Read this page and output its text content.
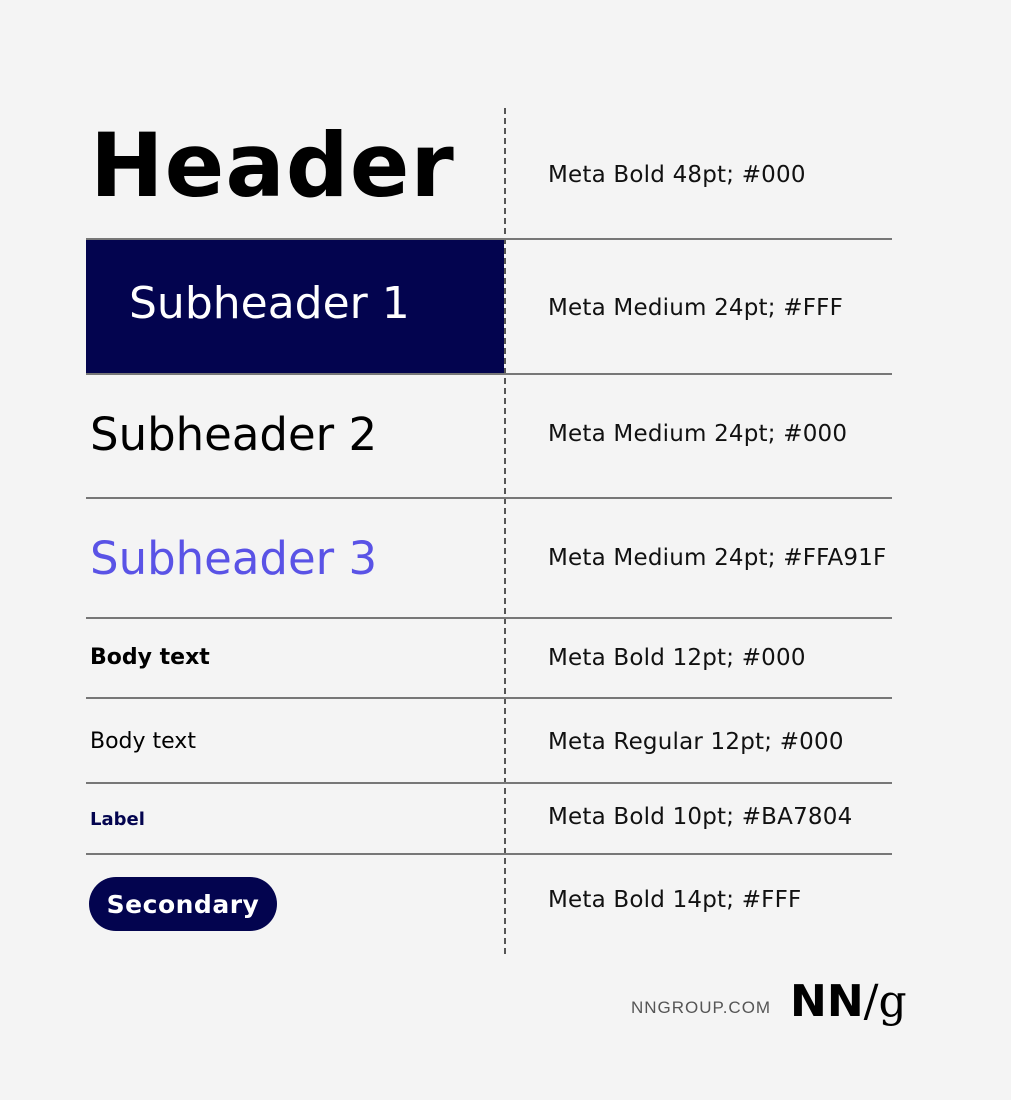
Header	Meta Bold 48pt; #000
Subheader 1	Meta Medium 24pt; #FFF
Subheader 2	Meta Medium 24pt; #000
Subheader 3	Meta Medium 24pt; #FFA91F
Body text	Meta Bold 12pt; #000
Body text	Meta Regular 12pt; #000
Label	Meta Bold 10pt; #BA7804
Secondary	Meta Bold 14pt; #FFF
NNGROUP.COM NN/g
